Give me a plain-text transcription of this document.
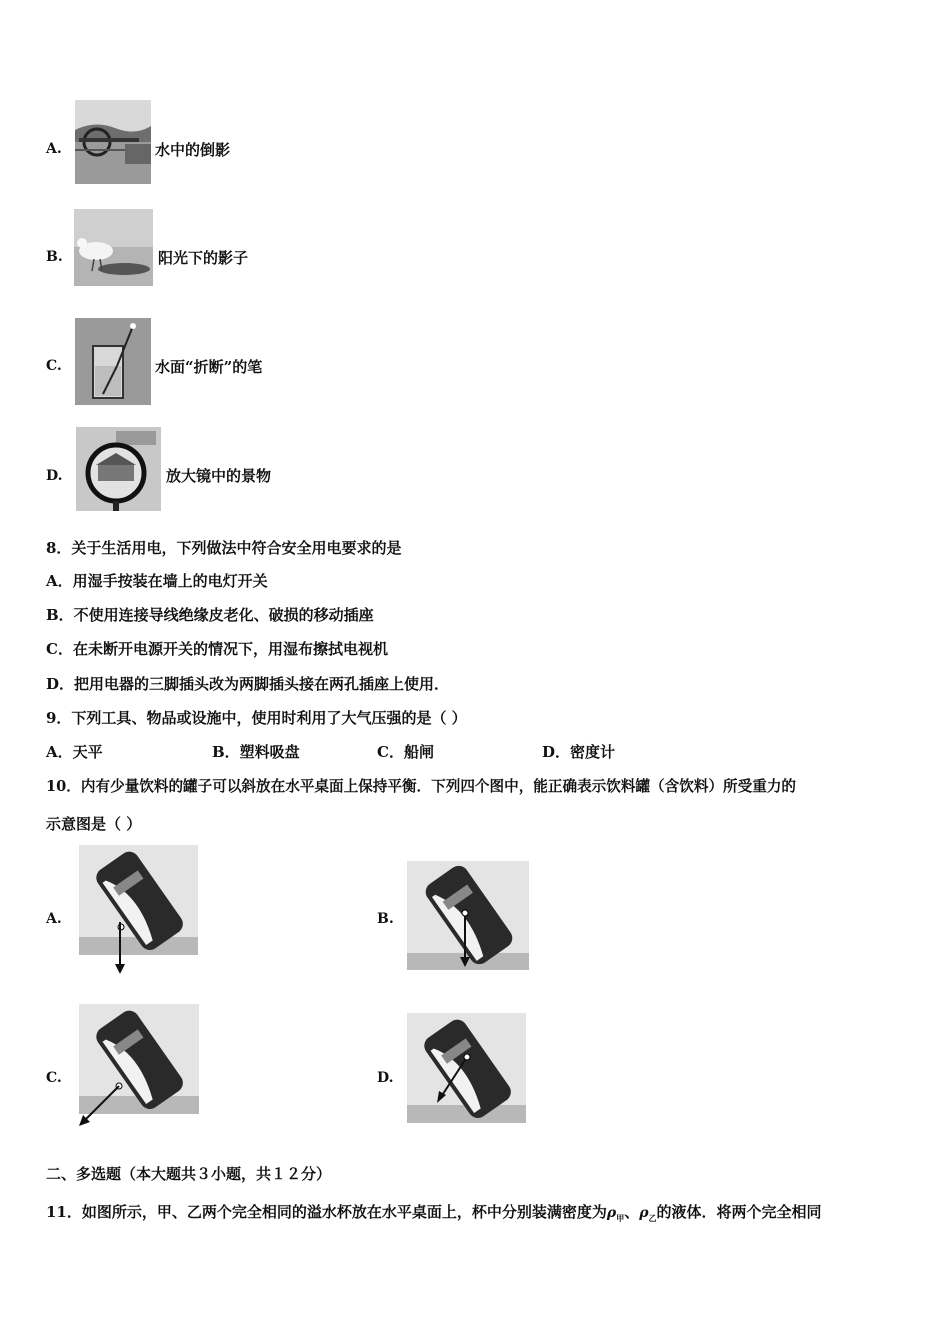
A.	水中的倒影
B.	阳光下的影子
C.	水面“折断”的笔
D.	放大镜中的景物
8．关于生活用电，下列做法中符合安全用电要求的是
A．用湿手按装在墙上的电灯开关
B．不使用连接导线绝缘皮老化、破损的移动插座
C．在未断开电源开关的情况下，用湿布擦拭电视机
D．把用电器的三脚插头改为两脚插头接在两孔插座上使用．
9．下列工具、物品或设施中，使用时利用了大气压强的是（ ）
A．天平	B．塑料吸盘	C．船闸	D．密度计
10．内有少量饮料的罐子可以斜放在水平桌面上保持平衡．下列四个图中，能正确表示饮料罐（含饮料）所受重力的
示意图是（ ）
A.	B.
C.	D.
二、多选题（本大题共３小题，共１２分）
11．如图所示，甲、乙两个完全相同的溢水杯放在水平桌面上，杯中分别装满密度为$\rho_甲$、$\rho_乙$的液体．将两个完全相同
